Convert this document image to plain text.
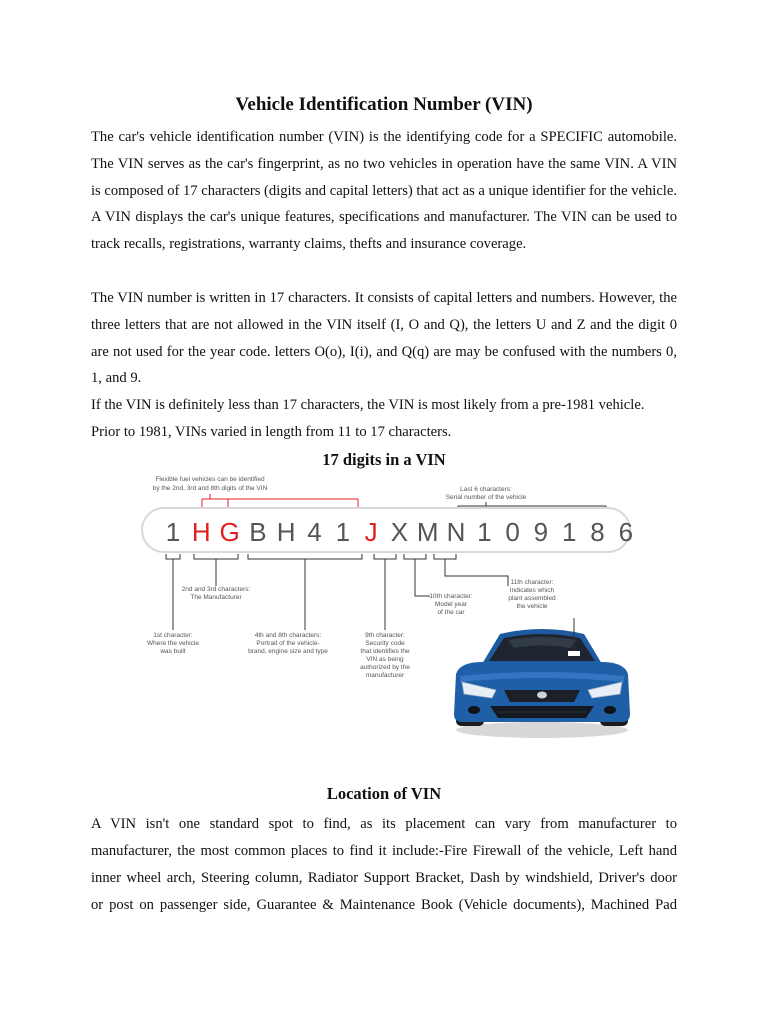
Vehicle Identification Number (VIN)
The car's vehicle identification number (VIN) is the identifying code for a SPECIFIC automobile. The VIN serves as the car's fingerprint, as no two vehicles in operation have the same VIN. A VIN is composed of 17 characters (digits and capital letters) that act as a unique identifier for the vehicle. A VIN displays the car's unique features, specifications and manufacturer. The VIN can be used to track recalls, registrations, warranty claims, thefts and insurance coverage.
The VIN number is written in 17 characters. It consists of capital letters and numbers. However, the three letters that are not allowed in the VIN itself (I, O and Q), the letters U and Z and the digit 0 are not used for the year code. letters O(o), I(i), and Q(q) are may be confused with the numbers 0, 1, and 9.
If the VIN is definitely less than 17 characters, the VIN is most likely from a pre-1981 vehicle.
Prior to 1981, VINs varied in length from 11 to 17 characters.
17 digits in a VIN
Flexible fuel vehicles can be identified
by the 2nd, 3rd and 8th digits of the VIN	Last 6 characters:
Serial number of the vehicle
1 H G B H 4 1 J X M N 1 0 9 1 8 6
2nd and 3rd characters:
The Manufacturer
1st character:
Where the vehicle
was built
4th and 8th characters:
Portrait of the vehicle-
brand, engine size and type
9th character:
Security code
that identifies the
VIN as being
authorized by the
manufacturer
10th character:
Model year
of the car
11th character:
Indicates which
plant assembled
the vehicle
Location of VIN
A VIN isn't one standard spot to find, as its placement can vary from manufacturer to
manufacturer, the most common places to find it include:-Fire Firewall of the vehicle, Left hand
inner wheel arch, Steering column, Radiator Support Bracket, Dash by windshield, Driver's door
or post on passenger side, Guarantee & Maintenance Book (Vehicle documents), Machined Pad
